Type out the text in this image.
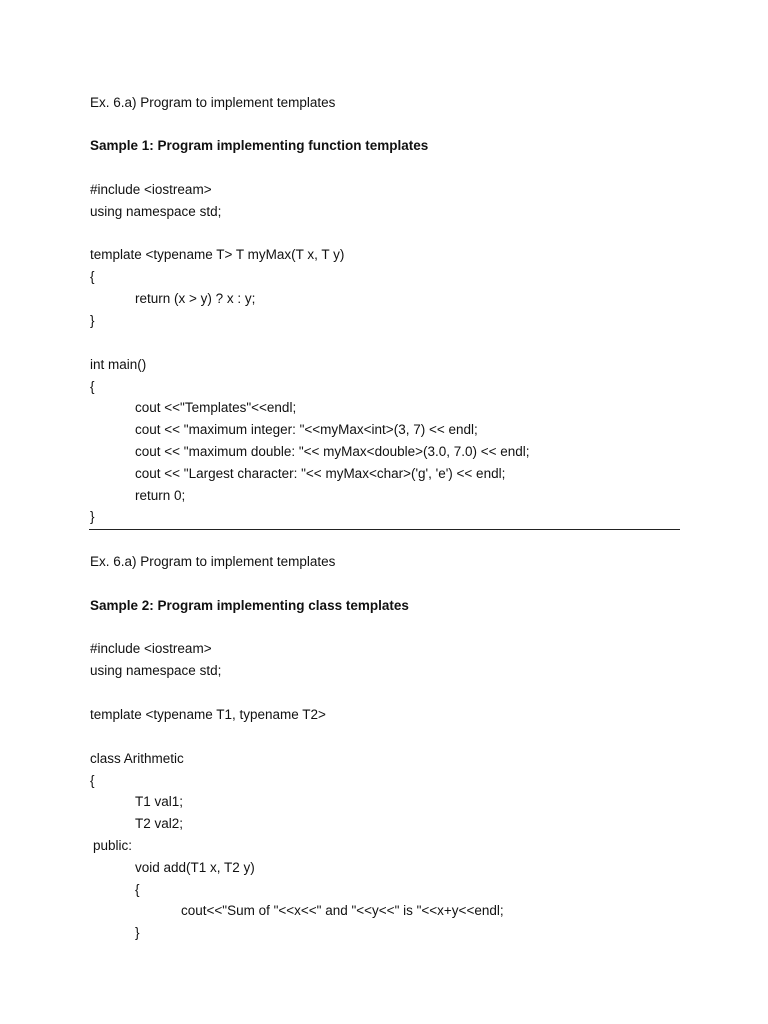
Ex. 6.a) Program to implement templates
Sample 1: Program implementing function templates
#include <iostream>
using namespace std;
template <typename T> T myMax(T x, T y)
{
return (x > y) ? x : y;
}
int main()
{
cout <<"Templates"<<endl;
cout << "maximum integer: "<<myMax<int>(3, 7) << endl;
cout << "maximum double: "<< myMax<double>(3.0, 7.0) << endl;
cout << "Largest character: "<< myMax<char>('g', 'e') << endl;
return 0;
}
Ex. 6.a) Program to implement templates
Sample 2: Program implementing class templates
#include <iostream>
using namespace std;
template <typename T1, typename T2>
class Arithmetic
{
T1 val1;
T2 val2;
public:
void add(T1 x, T2 y)
{
cout<<"Sum of "<<x<<" and "<<y<<" is "<<x+y<<endl;
}
